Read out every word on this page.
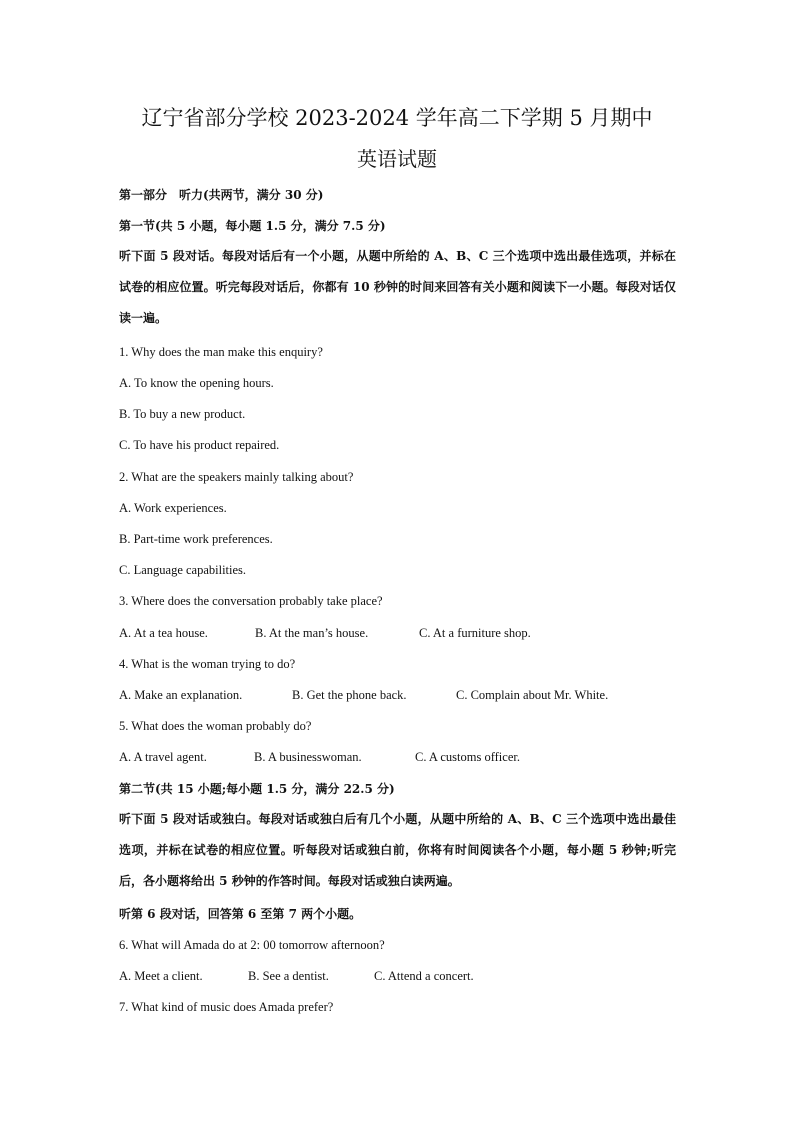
辽宁省部分学校 2023-2024 学年高二下学期 5 月期中
英语试题
第一部分　听力(共两节，满分 30 分)
第一节(共 5 小题，每小题 1.5 分，满分 7.5 分)
听下面 5 段对话。每段对话后有一个小题，从题中所给的 A、B、C 三个选项中选出最佳选项，并标在试卷的相应位置。听完每段对话后，你都有 10 秒钟的时间来回答有关小题和阅读下一小题。每段对话仅读一遍。
1. Why does the man make this enquiry?
A. To know the opening hours.
B. To buy a new product.
C. To have his product repaired.
2. What are the speakers mainly talking about?
A. Work experiences.
B. Part-time work preferences.
C. Language capabilities.
3. Where does the conversation probably take place?
A. At a tea house.	B. At the man’s house.	C. At a furniture shop.
4. What is the woman trying to do?
A. Make an explanation.	B. Get the phone back.	C. Complain about Mr. White.
5. What does the woman probably do?
A. A travel agent.	B. A businesswoman.	C. A customs officer.
第二节(共 15 小题;每小题 1.5 分，满分 22.5 分)
听下面 5 段对话或独白。每段对话或独白后有几个小题，从题中所给的 A、B、C 三个选项中选出最佳选项，并标在试卷的相应位置。听每段对话或独白前，你将有时间阅读各个小题，每小题 5 秒钟;听完后，各小题将给出 5 秒钟的作答时间。每段对话或独白读两遍。
听第 6 段对话，回答第 6 至第 7 两个小题。
6. What will Amada do at 2: 00 tomorrow afternoon?
A. Meet a client.	B. See a dentist.	C. Attend a concert.
7. What kind of music does Amada prefer?
